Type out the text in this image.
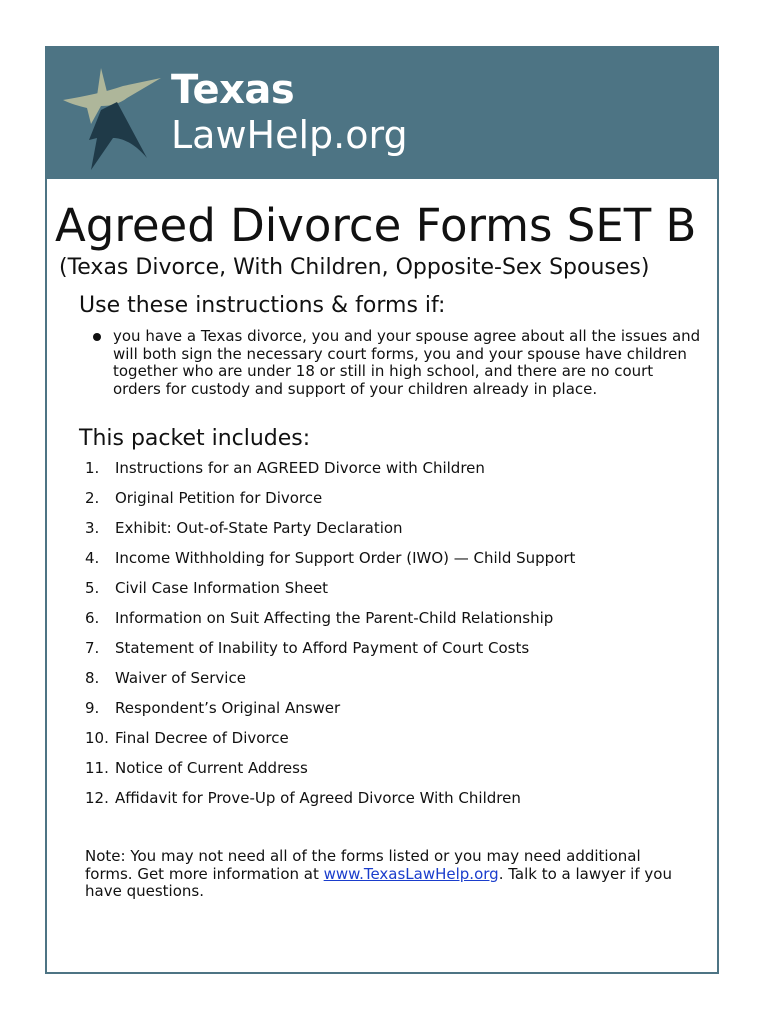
Texas
LawHelp.org
Agreed Divorce Forms SET B
(Texas Divorce, With Children, Opposite-Sex Spouses)
Use these instructions & forms if:
you have a Texas divorce, you and your spouse agree about all the issues and will both sign the necessary court forms, you and your spouse have children together who are under 18 or still in high school, and there are no court orders for custody and support of your children already in place.
This packet includes:
1. Instructions for an AGREED Divorce with Children
2. Original Petition for Divorce
3. Exhibit: Out-of-State Party Declaration
4. Income Withholding for Support Order (IWO) — Child Support
5. Civil Case Information Sheet
6. Information on Suit Affecting the Parent-Child Relationship
7. Statement of Inability to Afford Payment of Court Costs
8. Waiver of Service
9. Respondent’s Original Answer
10. Final Decree of Divorce
11. Notice of Current Address
12. Affidavit for Prove-Up of Agreed Divorce With Children
Note: You may not need all of the forms listed or you may need additional forms. Get more information at www.TexasLawHelp.org. Talk to a lawyer if you have questions.
